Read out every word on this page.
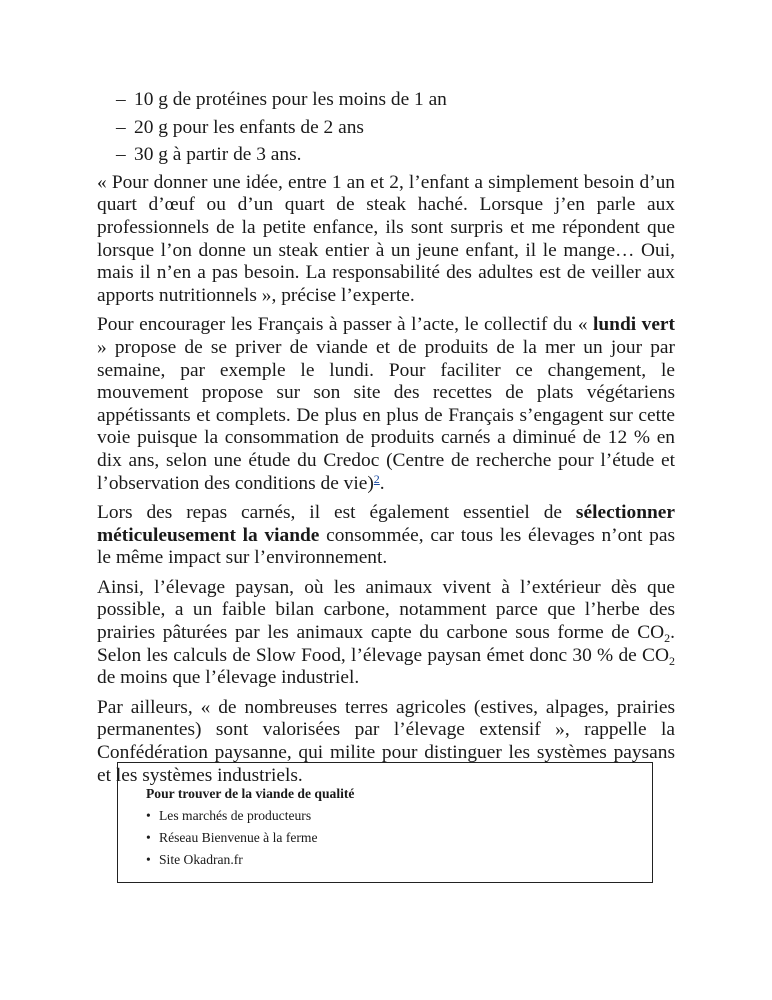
– 10 g de protéines pour les moins de 1 an
– 20 g pour les enfants de 2 ans
– 30 g à partir de 3 ans.

« Pour donner une idée, entre 1 an et 2, l’enfant a simplement besoin d’un quart d’œuf ou d’un quart de steak haché. Lorsque j’en parle aux professionnels de la petite enfance, ils sont surpris et me répondent que lorsque l’on donne un steak entier à un jeune enfant, il le mange… Oui, mais il n’en a pas besoin. La responsabilité des adultes est de veiller aux apports nutritionnels », précise l’experte.

Pour encourager les Français à passer à l’acte, le collectif du « lundi vert » propose de se priver de viande et de produits de la mer un jour par semaine, par exemple le lundi. Pour faciliter ce changement, le mouvement propose sur son site des recettes de plats végétariens appétissants et complets. De plus en plus de Français s’engagent sur cette voie puisque la consommation de produits carnés a diminué de 12 % en dix ans, selon une étude du Credoc (Centre de recherche pour l’étude et l’observation des conditions de vie)$^2$.

Lors des repas carnés, il est également essentiel de sélectionner méticuleusement la viande consommée, car tous les élevages n’ont pas le même impact sur l’environnement.

Ainsi, l’élevage paysan, où les animaux vivent à l’extérieur dès que possible, a un faible bilan carbone, notamment parce que l’herbe des prairies pâturées par les animaux capte du carbone sous forme de $CO_2$. Selon les calculs de Slow Food, l’élevage paysan émet donc 30 % de $CO_2$ de moins que l’élevage industriel.

Par ailleurs, « de nombreuses terres agricoles (estives, alpages, prairies permanentes) sont valorisées par l’élevage extensif », rappelle la Confédération paysanne, qui milite pour distinguer les systèmes paysans et les systèmes industriels.

Pour trouver de la viande de qualité
• Les marchés de producteurs
• Réseau Bienvenue à la ferme
• Site Okadran.fr
